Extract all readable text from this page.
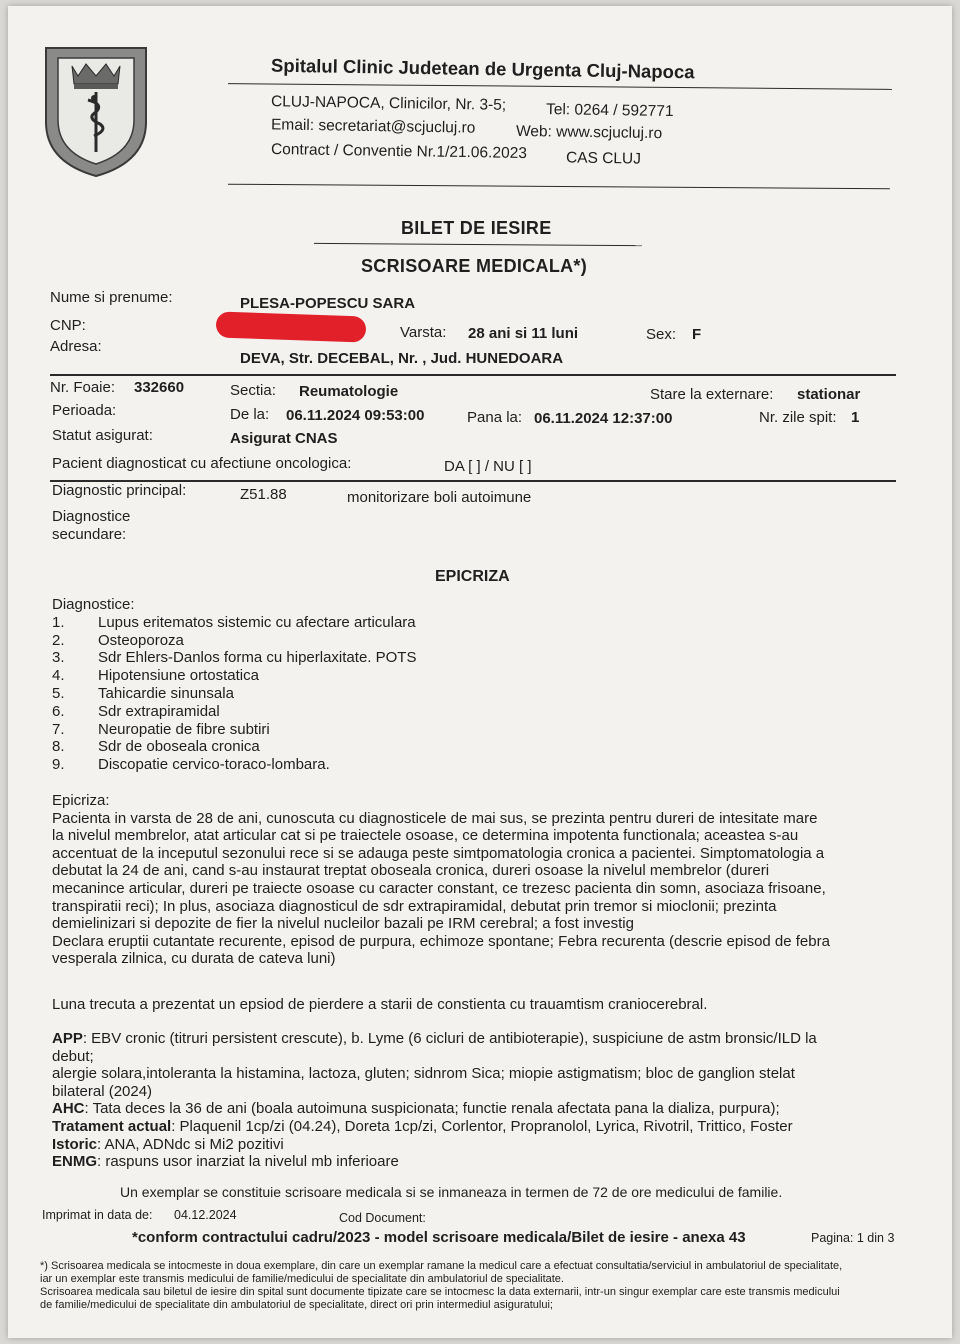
Spitalul Clinic Judetean de Urgenta Cluj-Napoca
CLUJ-NAPOCA, Clinicilor, Nr. 3-5;	Tel: 0264 / 592771
Email: secretariat@scjucluj.ro	Web: www.scjucluj.ro
Contract / Conventie Nr.1/21.06.2023	CAS CLUJ
BILET DE IESIRE
SCRISOARE MEDICALA*)
Nume si prenume:	PLESA-POPESCU SARA
CNP:	Varsta: 28 ani si 11 luni	Sex: F
Adresa:
DEVA, Str. DECEBAL, Nr. , Jud. HUNEDOARA
Nr. Foaie: 332660	Sectia: Reumatologie	Stare la externare: stationar
Perioada:	De la: 06.11.2024 09:53:00	Pana la: 06.11.2024 12:37:00	Nr. zile spit: 1
Statut asigurat:	Asigurat CNAS
Pacient diagnosticat cu afectiune oncologica:	DA [ ] / NU [ ]
Diagnostic principal:	Z51.88	monitorizare boli autoimune
Diagnostice
secundare:
EPICRIZA
Diagnostice:
1.	Lupus eritematos sistemic cu afectare articulara
2.	Osteoporoza
3.	Sdr Ehlers-Danlos forma cu hiperlaxitate. POTS
4.	Hipotensiune ortostatica
5.	Tahicardie sinunsala
6.	Sdr extrapiramidal
7.	Neuropatie de fibre subtiri
8.	Sdr de oboseala cronica
9.	Discopatie cervico-toraco-lombara.

Epicriza:

Pacienta in varsta de 28 de ani, cunoscuta cu diagnosticele de mai sus, se prezinta pentru dureri de intesitate mare

la nivelul membrelor, atat articular cat si pe traiectele osoase, ce determina impotenta functionala; aceastea s-au

accentuat de la inceputul sezonului rece si se adauga peste simtpomatologia cronica a pacientei. Simptomatologia a

debutat la 24 de ani, cand s-au instaurat treptat oboseala cronica, dureri osoase la nivelul membrelor (dureri

mecanince articular, dureri pe traiecte osoase cu caracter constant, ce trezesc pacienta din somn, asociaza frisoane,

transpiratii reci); In plus, asociaza diagnosticul de sdr extrapiramidal, debutat prin tremor si mioclonii; prezinta

demielinizari si depozite de fier la nivelul nucleilor bazali pe IRM cerebral; a fost investig

Declara eruptii cutantate recurente, episod de purpura, echimoze spontane; Febra recurenta (descrie episod de febra

vesperala zilnica, cu durata de cateva luni)

Luna trecuta a prezentat un epsiod de pierdere a starii de constienta cu trauamtism craniocerebral.

APP: EBV cronic (titruri persistent crescute), b. Lyme (6 cicluri de antibioterapie), suspiciune de astm bronsic/ILD la

debut;

alergie solara,intoleranta la histamina, lactoza, gluten; sidnrom Sica; miopie astigmatism; bloc de ganglion stelat

bilateral (2024)

AHC: Tata deces la 36 de ani (boala autoimuna suspicionata; functie renala afectata pana la dializa, purpura);

Tratament actual: Plaquenil 1cp/zi (04.24), Doreta 1cp/zi, Corlentor, Propranolol, Lyrica, Rivotril, Trittico, Foster

Istoric: ANA, ADNdc si Mi2 pozitivi

ENMG: raspuns usor inarziat la nivelul mb inferioare

Un exemplar se constituie scrisoare medicala si se inmaneaza in termen de 72 de ore medicului de familie.
Imprimat in data de: 04.12.2024	Cod Document:
Pagina: 1 din 3
*conform contractului cadru/2023 - model scrisoare medicala/Bilet de iesire - anexa 43
*) Scrisoarea medicala se intocmeste in doua exemplare, din care un exemplar ramane la medicul care a efectuat consultatia/serviciul in ambulatoriul de specialitate,
iar un exemplar este transmis medicului de familie/medicului de specialitate din ambulatoriul de specialitate.
Scrisoarea medicala sau biletul de iesire din spital sunt documente tipizate care se intocmesc la data externarii, intr-un singur exemplar care este transmis medicului
de familie/medicului de specialitate din ambulatoriul de specialitate, direct ori prin intermediul asiguratului;
